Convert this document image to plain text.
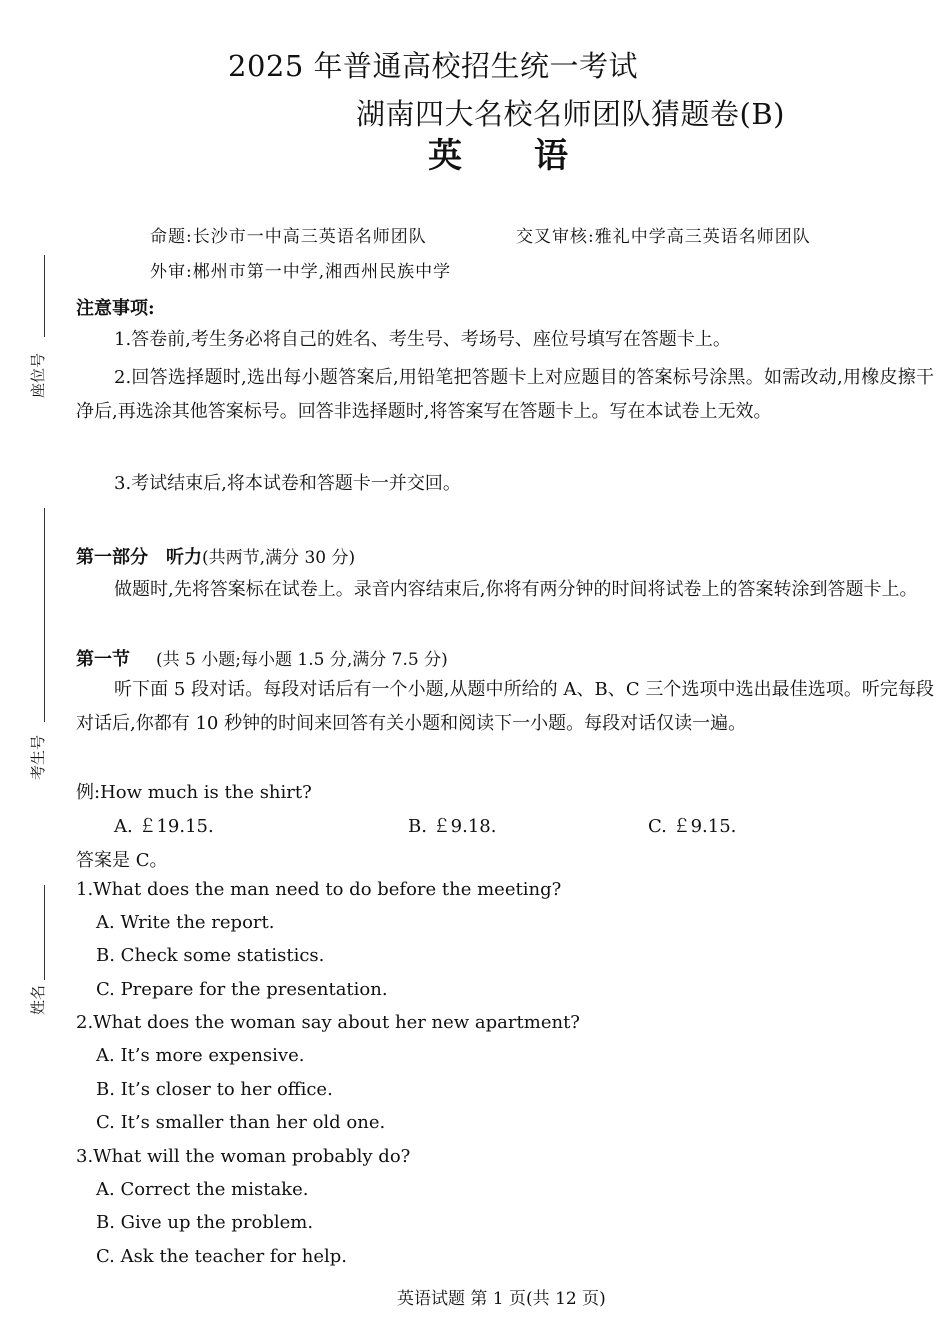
2025 年普通高校招生统一考试
湖南四大名校名师团队猜题卷(B)
英 语
命题:长沙市一中高三英语名师团队	交叉审核:雅礼中学高三英语名师团队
外审:郴州市第一中学,湘西州民族中学
座位号
考生号
姓名
注意事项:
1.答卷前,考生务必将自己的姓名、考生号、考场号、座位号填写在答题卡上。
2.回答选择题时,选出每小题答案后,用铅笔把答题卡上对应题目的答案标号涂黑。如需改动,用橡皮擦干净后,再选涂其他答案标号。回答非选择题时,将答案写在答题卡上。写在本试卷上无效。
3.考试结束后,将本试卷和答题卡一并交回。
第一部分　听力(共两节,满分 30 分)
做题时,先将答案标在试卷上。录音内容结束后,你将有两分钟的时间将试卷上的答案转涂到答题卡上。
第一节 (共 5 小题;每小题 1.5 分,满分 7.5 分)
听下面 5 段对话。每段对话后有一个小题,从题中所给的 A、B、C 三个选项中选出最佳选项。听完每段对话后,你都有 10 秒钟的时间来回答有关小题和阅读下一小题。每段对话仅读一遍。
例:How much is the shirt?
A. ￡19.15.	B. ￡9.18.	C. ￡9.15.
答案是 C。
1.What does the man need to do before the meeting?
A. Write the report.
B. Check some statistics.
C. Prepare for the presentation.
2.What does the woman say about her new apartment?
A. It’s more expensive.
B. It’s closer to her office.
C. It’s smaller than her old one.
3.What will the woman probably do?
A. Correct the mistake.
B. Give up the problem.
C. Ask the teacher for help.
英语试题 第 1 页(共 12 页)
